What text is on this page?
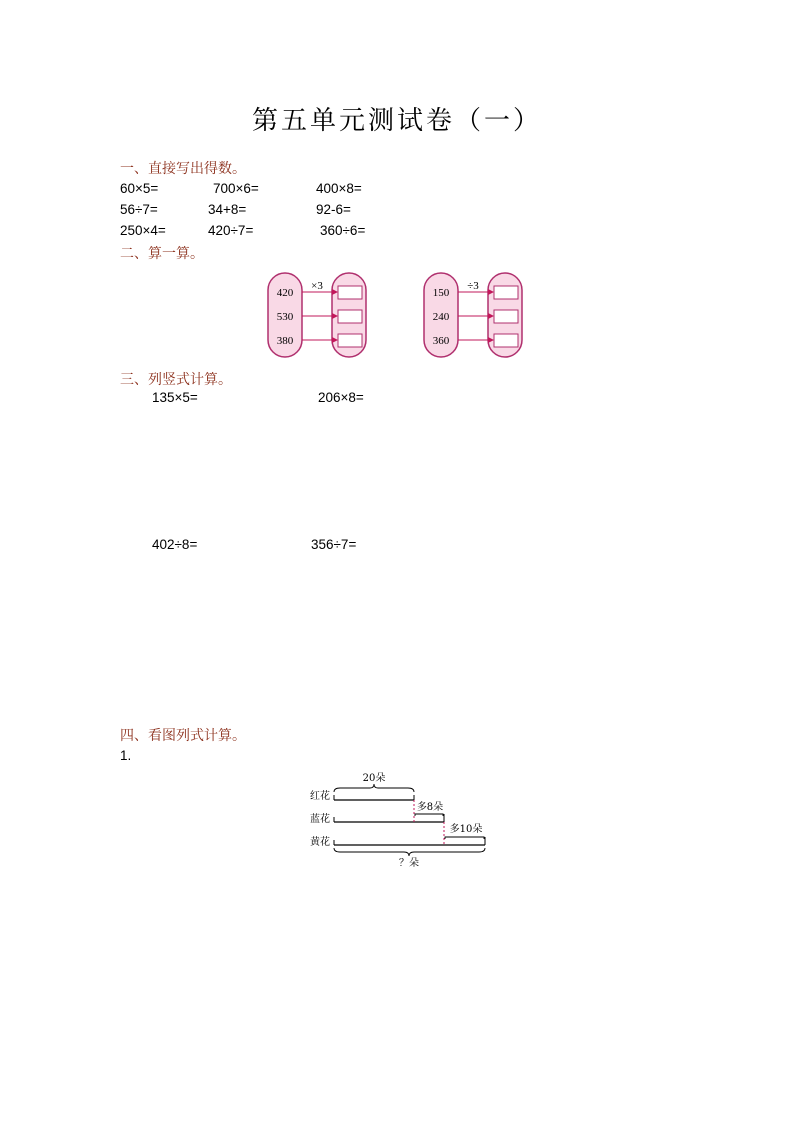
第五单元测试卷（一）
一、直接写出得数。
60×5=	700×6=	400×8=
56÷7=	34+8=	92-6=
250×4=	420÷7=	360÷6=
二、算一算。
420
530
380
×3
150
240
360
÷3
三、列竖式计算。
135×5=	206×8=
402÷8=	356÷7=
四、看图列式计算。
1.
红花
蓝花
黄花
20朵
多8朵
多10朵
？朵
